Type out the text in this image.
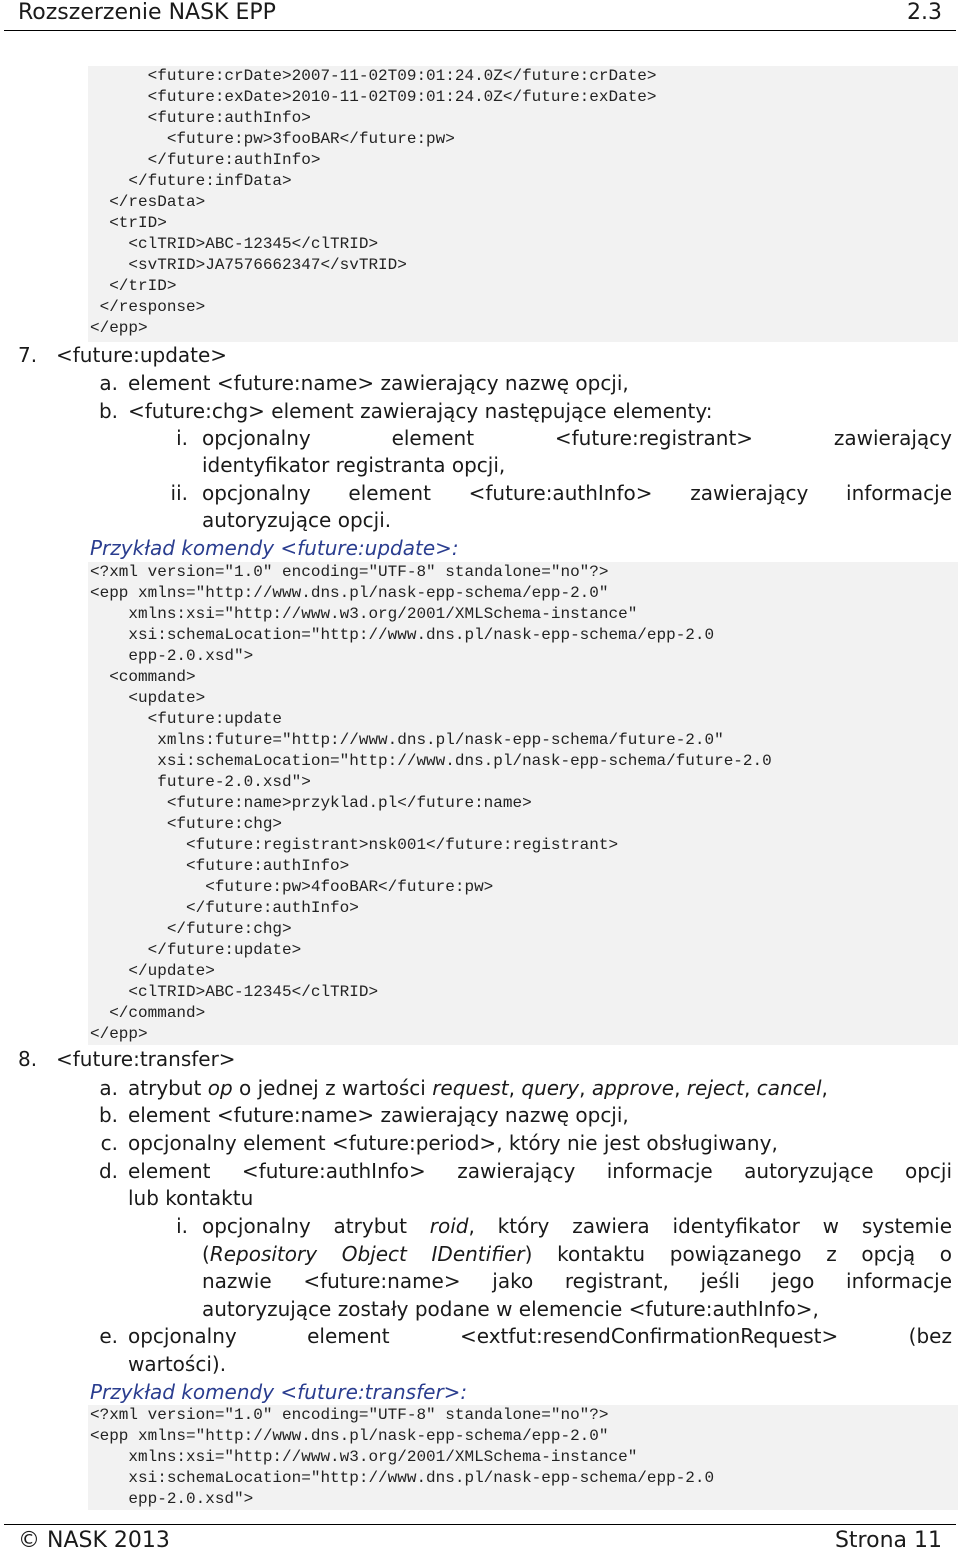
Rozszerzenie NASK EPP	2.3
<future:crDate>2007-11-02T09:01:24.0Z</future:crDate>
<future:exDate>2010-11-02T09:01:24.0Z</future:exDate>
<future:authInfo>
<future:pw>3fooBAR</future:pw>
</future:authInfo>
</future:infData>
</resData>
<trID>
<clTRID>ABC-12345</clTRID>
<svTRID>JA7576662347</svTRID>
</trID>
</response>
</epp>
7. <future:update>
a. element <future:name> zawierający nazwę opcji,
b. <future:chg> element zawierający następujące elementy:
i. opcjonalny	element	<future:registrant>	zawierający
identyfikator registranta opcji,
ii. opcjonalny element <future:authInfo> zawierający informacje
autoryzujące opcji.
Przykład komendy <future:update>:
<?xml version="1.0" encoding="UTF-8" standalone="no"?>
<epp xmlns="http://www.dns.pl/nask-epp-schema/epp-2.0"
xmlns:xsi="http://www.w3.org/2001/XMLSchema-instance"
xsi:schemaLocation="http://www.dns.pl/nask-epp-schema/epp-2.0
epp-2.0.xsd">
<command>
<update>
<future:update
xmlns:future="http://www.dns.pl/nask-epp-schema/future-2.0"
xsi:schemaLocation="http://www.dns.pl/nask-epp-schema/future-2.0
future-2.0.xsd">
<future:name>przyklad.pl</future:name>
<future:chg>
<future:registrant>nsk001</future:registrant>
<future:authInfo>
<future:pw>4fooBAR</future:pw>
</future:authInfo>
</future:chg>
</future:update>
</update>
<clTRID>ABC-12345</clTRID>
</command>
</epp>
8. <future:transfer>
a. atrybut op o jednej z wartości request, query, approve, reject, cancel,
b. element <future:name> zawierający nazwę opcji,
c. opcjonalny element <future:period>, który nie jest obsługiwany,
d. element <future:authInfo> zawierający informacje autoryzujące opcji
lub kontaktu
i. opcjonalny atrybut roid, który zawiera identyfikator w systemie
(Repository Object IDentifier) kontaktu powiązanego z opcją o
nazwie <future:name> jako registrant, jeśli jego informacje
autoryzujące zostały podane w elemencie <future:authInfo>,
e. opcjonalny	element	<extfut:resendConfirmationRequest>	(bez
wartości).
Przykład komendy <future:transfer>:
<?xml version="1.0" encoding="UTF-8" standalone="no"?>
<epp xmlns="http://www.dns.pl/nask-epp-schema/epp-2.0"
xmlns:xsi="http://www.w3.org/2001/XMLSchema-instance"
xsi:schemaLocation="http://www.dns.pl/nask-epp-schema/epp-2.0
epp-2.0.xsd">
© NASK 2013	Strona 11
